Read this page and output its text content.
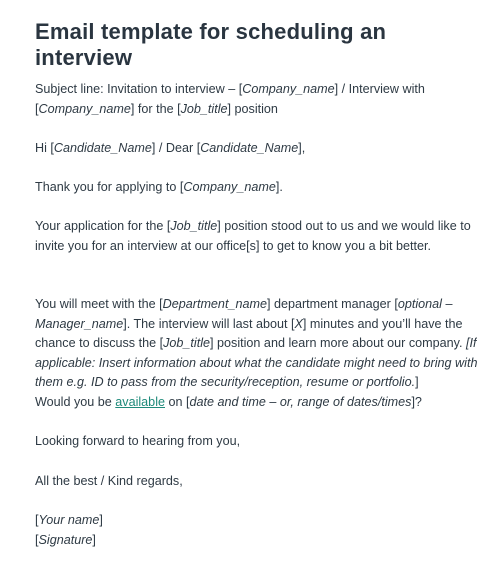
Email template for scheduling an
interview

Subject line: Invitation to interview – [Company_name] / Interview with
[Company_name] for the [Job_title] position

Hi [Candidate_Name] / Dear [Candidate_Name],

Thank you for applying to [Company_name].

Your application for the [Job_title] position stood out to us and we would like to
invite you for an interview at our office[s] to get to know you a bit better.

You will meet with the [Department_name] department manager [optional –
Manager_name]. The interview will last about [X] minutes and you’ll have the
chance to discuss the [Job_title] position and learn more about our company. [If
applicable: Insert information about what the candidate might need to bring with
them e.g. ID to pass from the security/reception, resume or portfolio.]

Would you be available on [date and time – or, range of dates/times]?

Looking forward to hearing from you,

All the best / Kind regards,

[Your name]
[Signature]
